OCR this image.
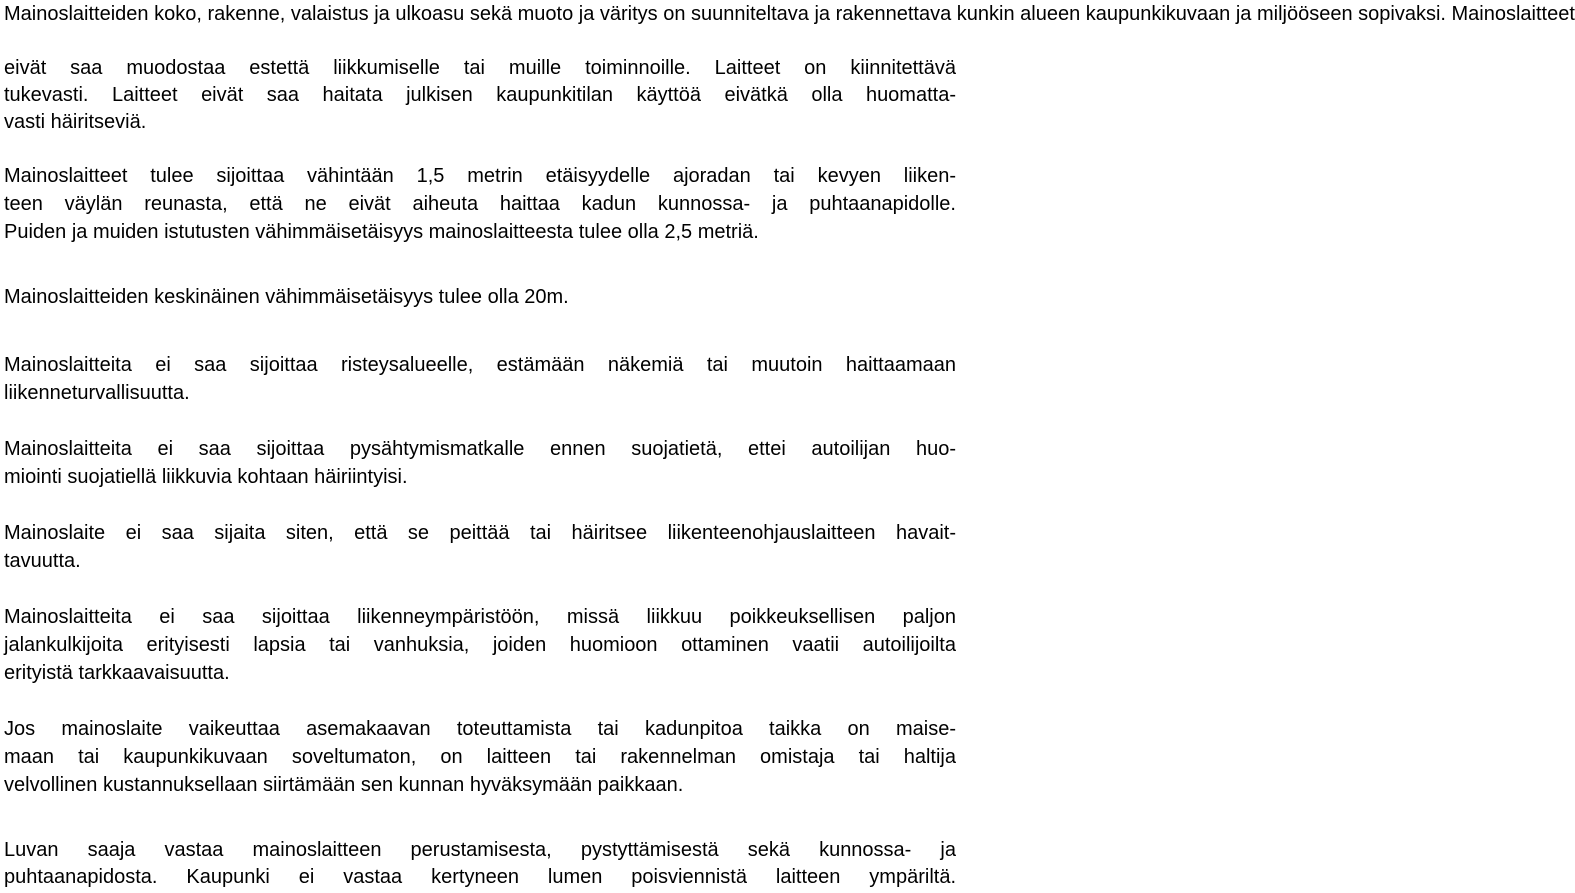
Mainoslaitteiden koko, rakenne, valaistus ja ulkoasu sekä muoto ja väritys on suunniteltava ja rakennettava kunkin alueen kaupunkikuvaan ja miljööseen sopivaksi. Mainoslaitteet
eivät saa muodostaa estettä liikkumiselle tai muille toiminnoille. Laitteet on kiinnitettävä
tukevasti. Laitteet eivät saa haitata julkisen kaupunkitilan käyttöä eivätkä olla huomatta-
vasti häiritseviä.
Mainoslaitteet tulee sijoittaa vähintään 1,5 metrin etäisyydelle ajoradan tai kevyen liiken-
teen väylän reunasta, että ne eivät aiheuta haittaa kadun kunnossa- ja puhtaanapidolle.
Puiden ja muiden istutusten vähimmäisetäisyys mainoslaitteesta tulee olla 2,5 metriä.
Mainoslaitteiden keskinäinen vähimmäisetäisyys tulee olla 20m.
Mainoslaitteita ei saa sijoittaa risteysalueelle, estämään näkemiä tai muutoin haittaamaan
liikenneturvallisuutta.
Mainoslaitteita ei saa sijoittaa pysähtymismatkalle ennen suojatietä, ettei autoilijan huo-
miointi suojatiellä liikkuvia kohtaan häiriintyisi.
Mainoslaite ei saa sijaita siten, että se peittää tai häiritsee liikenteenohjauslaitteen havait-
tavuutta.
Mainoslaitteita ei saa sijoittaa liikenneympäristöön, missä liikkuu poikkeuksellisen paljon
jalankulkijoita erityisesti lapsia tai vanhuksia, joiden huomioon ottaminen vaatii autoilijoilta
erityistä tarkkaavaisuutta.
Jos mainoslaite vaikeuttaa asemakaavan toteuttamista tai kadunpitoa taikka on maise-
maan tai kaupunkikuvaan soveltumaton, on laitteen tai rakennelman omistaja tai haltija
velvollinen kustannuksellaan siirtämään sen kunnan hyväksymään paikkaan.
Luvan saaja vastaa mainoslaitteen perustamisesta, pystyttämisestä sekä kunnossa- ja
puhtaanapidosta. Kaupunki ei vastaa kertyneen lumen poisviennistä laitteen ympäriltä.
